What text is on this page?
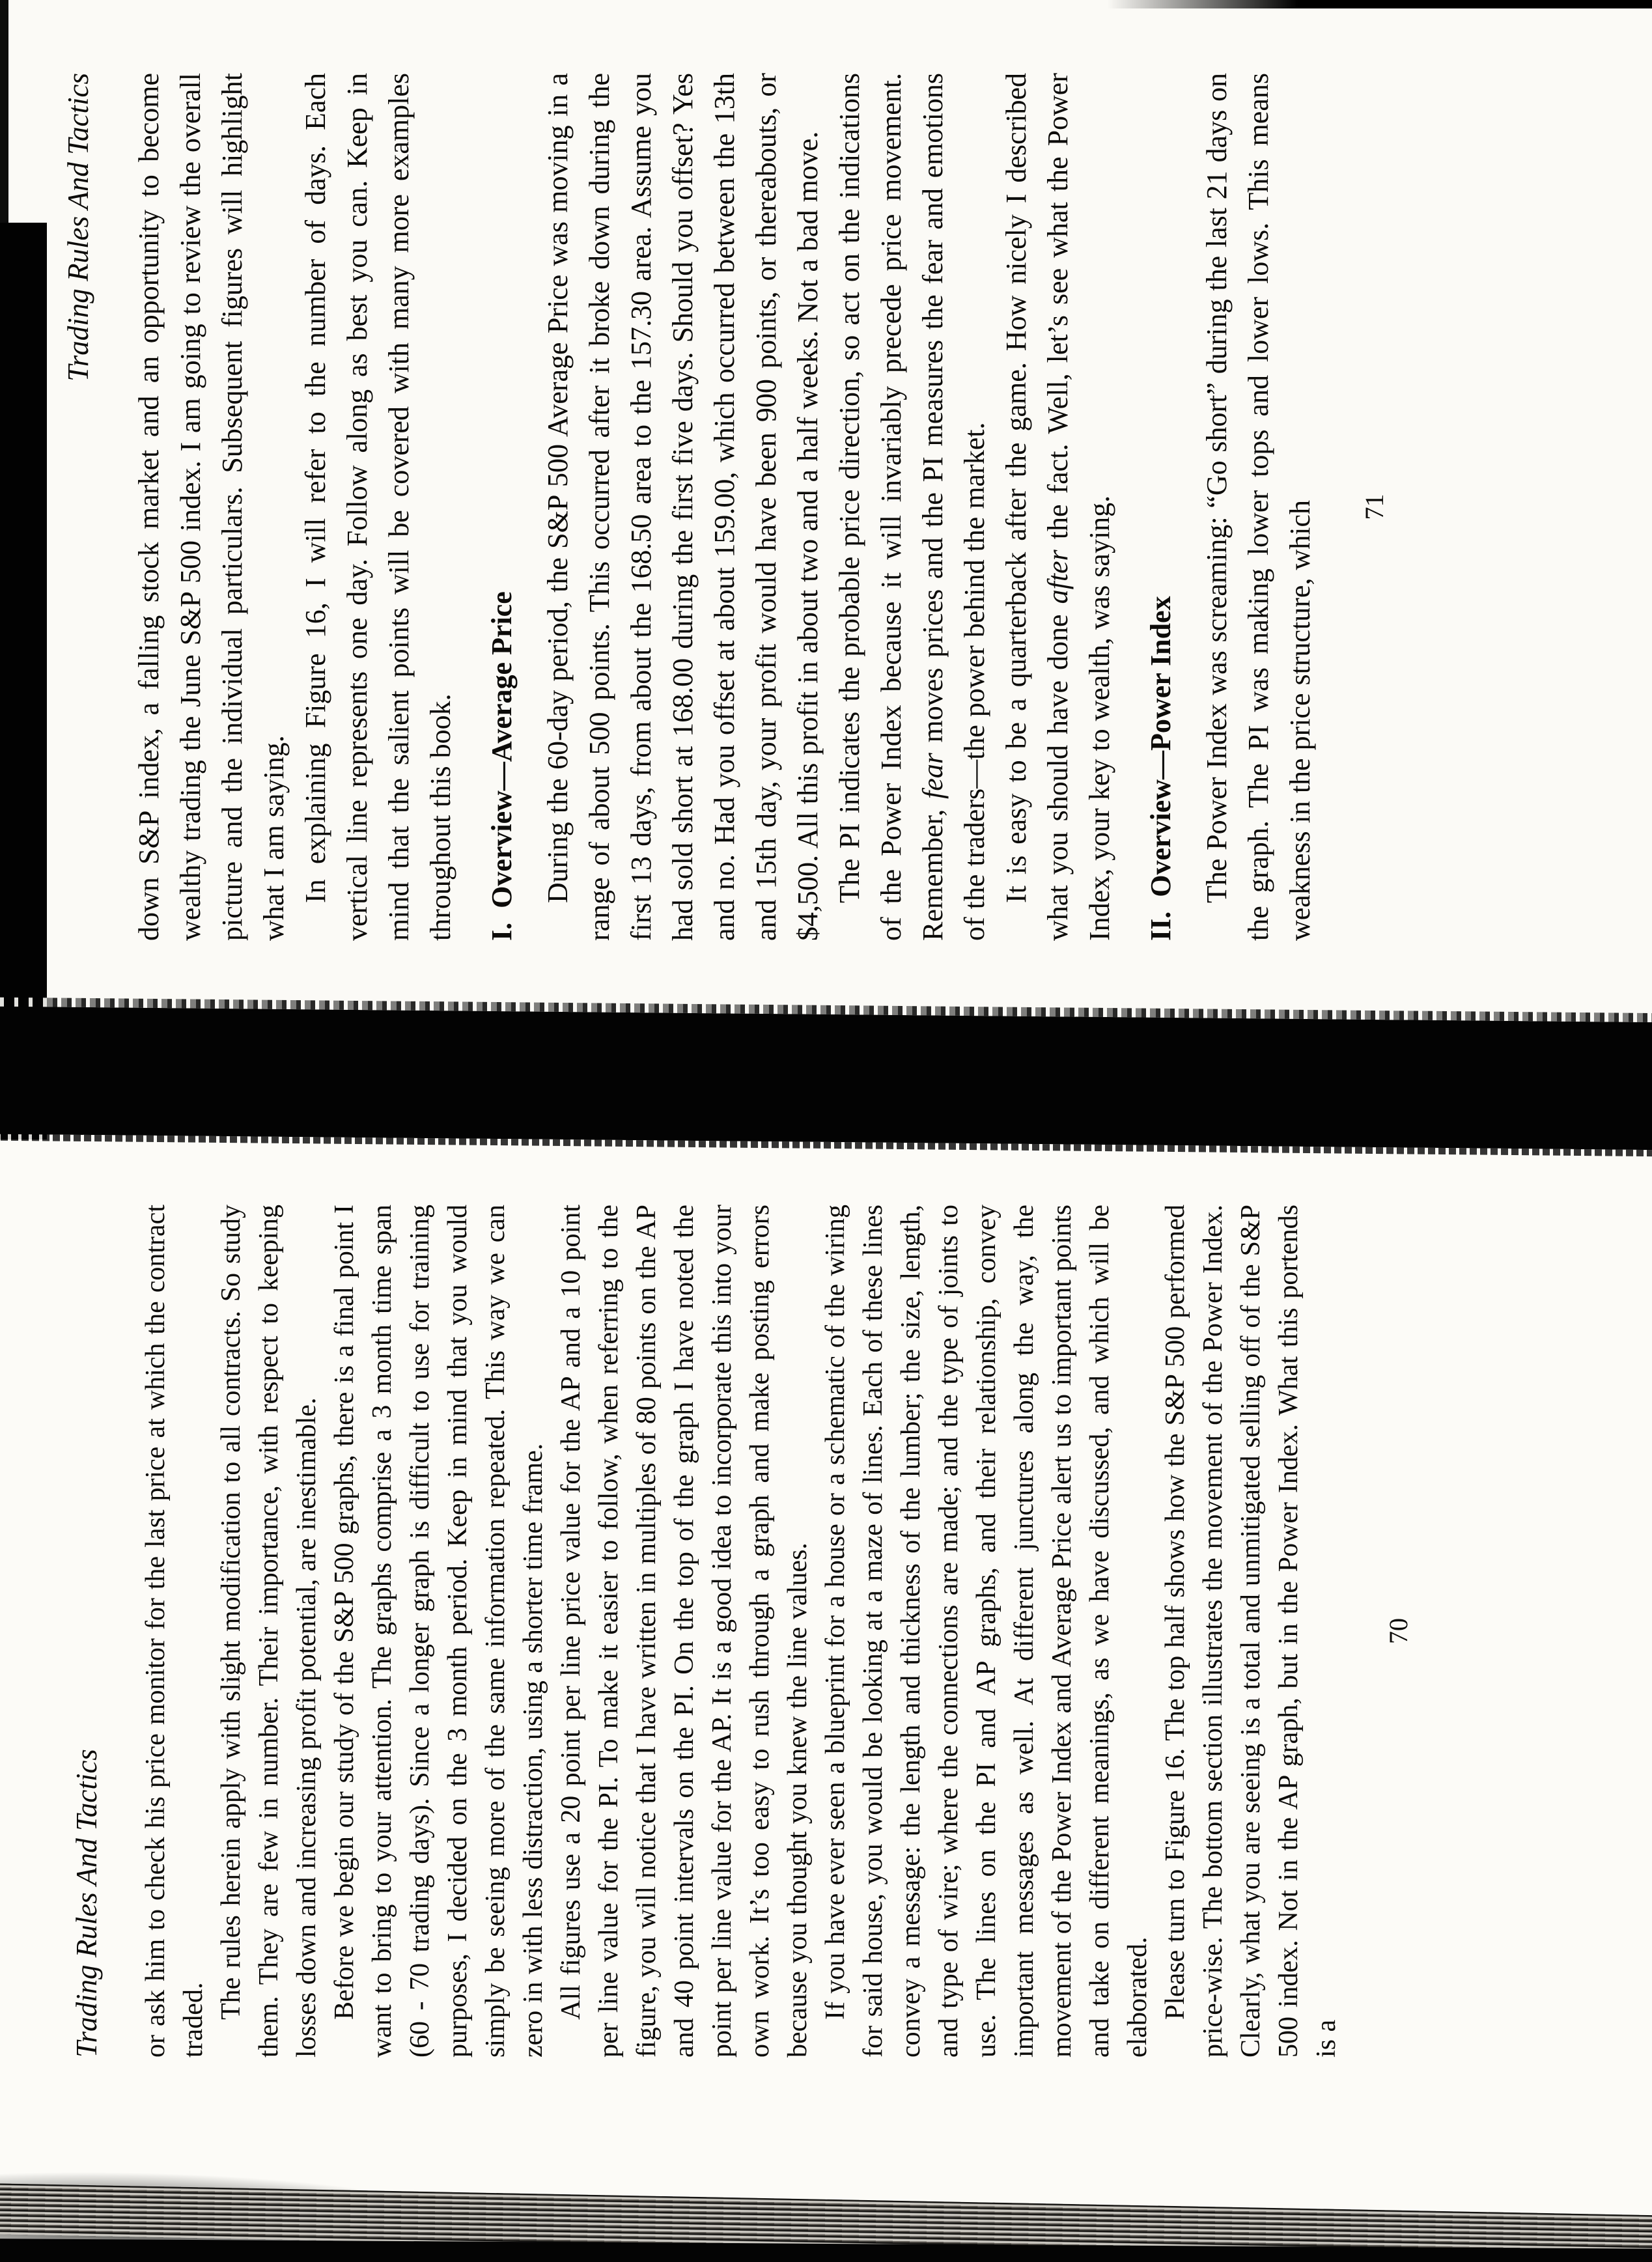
Trading Rules And Tactics down S&P index, a falling stock market and an opportunity to become wealthy trading the June S&P 500 index. I am going to review the overall picture and the individual particulars. Subsequent figures will highlight what I am saying. In explaining Figure 16, I will refer to the number of days. Each vertical line represents one day. Follow along as best you can. Keep in mind that the salient points will be covered with many more examples throughout this book. I. Overview—Average Price During the 60-day period, the S&P 500 Average Price was moving in a range of about 500 points. This occurred after it broke down during the first 13 days, from about the 168.50 area to the 157.30 area. Assume you had sold short at 168.00 during the first five days. Should you offset? Yes and no. Had you offset at about 159.00, which occurred between the 13th and 15th day, your profit would have been 900 points, or thereabouts, or $4,500. All this profit in about two and a half weeks. Not a bad move. The PI indicates the probable price direction, so act on the indications of the Power Index because it will invariably precede price movement. Remember, fear moves prices and the PI measures the fear and emotions of the traders—the power behind the market. It is easy to be a quarterback after the game. How nicely I described what you should have done after the fact. Well, let’s see what the Power Index, your key to wealth, was saying. II. Overview—Power Index The Power Index was screaming: “Go short” during the last 21 days on the graph. The PI was making lower tops and lower lows. This means weakness in the price structure, which 71
Trading Rules And Tactics or ask him to check his price monitor for the last price at which the contract traded.

The rules herein apply with slight modification to all contracts. So study them. They are few in number. Their importance, with respect to keeping losses down and increasing profit potential, are inestimable. Before we begin our study of the S&P 500 graphs, there is a final point I want to bring to your attention. The graphs comprise a 3 month time span (60 - 70 trading days). Since a longer graph is difficult to use for training purposes, I decided on the 3 month period. Keep in mind that you would simply be seeing more of the same information repeated. This way we can zero in with less distraction, using a shorter time frame. All figures use a 20 point per line price value for the AP and a 10 point per line value for the PI. To make it easier to follow, when referring to the figure, you will notice that I have written in multiples of 80 points on the AP and 40 point intervals on the PI. On the top of the graph I have noted the point per line value for the AP. It is a good idea to incorporate this into your own work. It’s too easy to rush through a graph and make posting errors because you thought you knew the line values. If you have ever seen a blueprint for a house or a schematic of the wiring for said house, you would be looking at a maze of lines. Each of these lines convey a message: the length and thickness of the lumber; the size, length, and type of wire; where the connections are made; and the type of joints to use. The lines on the PI and AP graphs, and their relationship, convey important messages as well. At different junctures along the way, the movement of the Power Index and Average Price alert us to important points and take on different meanings, as we have discussed, and which will be elaborated. Please turn to Figure 16. The top half shows how the S&P 500 performed price-wise. The bottom section illustrates the movement of the Power Index. Clearly, what you are seeing is a total and unmitigated selling off of the S&P 500 index. Not in the AP graph, but in the Power Index. What this portends is a

70
